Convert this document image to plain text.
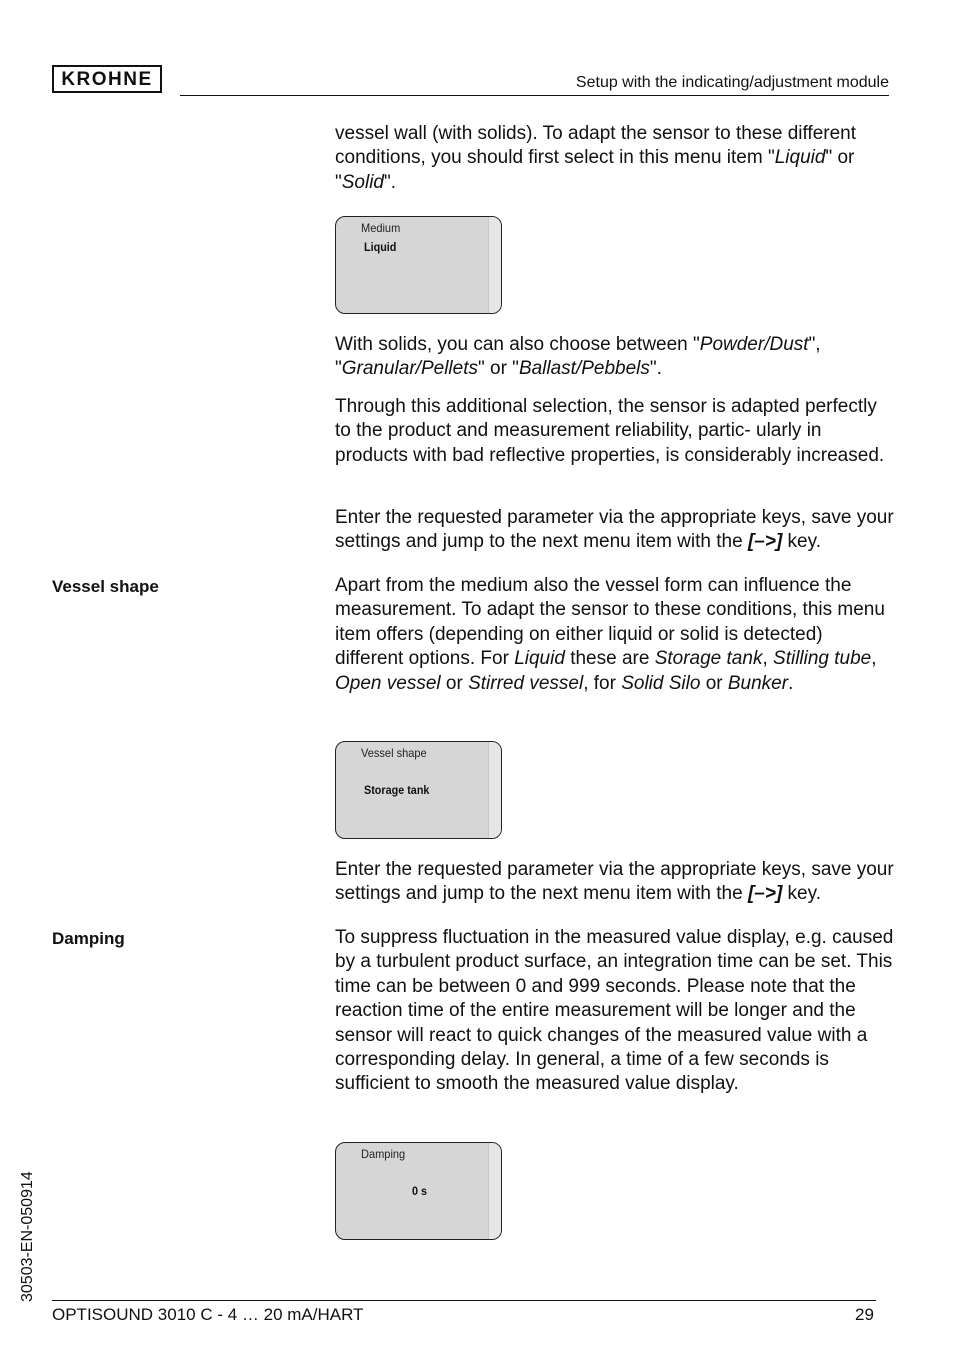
KROHNE	Setup with the indicating/adjustment module

vessel wall (with solids). To adapt the sensor to these different conditions, you should first select in this menu item "Liquid" or "Solid".

Medium
Liquid

With solids, you can also choose between "Powder/Dust", "Granular/Pellets" or "Ballast/Pebbels".

Through this additional selection, the sensor is adapted perfectly to the product and measurement reliability, partic- ularly in products with bad reflective properties, is considerably increased.

Enter the requested parameter via the appropriate keys, save your settings and jump to the next menu item with the [–>] key.

Vessel shape	Apart from the medium also the vessel form can influence the measurement. To adapt the sensor to these conditions, this menu item offers (depending on either liquid or solid is detected) different options. For Liquid these are Storage tank, Stilling tube, Open vessel or Stirred vessel, for Solid Silo or Bunker.

Vessel shape
Storage tank

Enter the requested parameter via the appropriate keys, save your settings and jump to the next menu item with the [–>] key.

Damping	To suppress fluctuation in the measured value display, e.g. caused by a turbulent product surface, an integration time can be set. This time can be between 0 and 999 seconds. Please note that the reaction time of the entire measurement will be longer and the sensor will react to quick changes of the measured value with a corresponding delay. In general, a time of a few seconds is sufficient to smooth the measured value display.

Damping
0 s
30503-EN-050914
OPTISOUND 3010 C - 4 … 20 mA/HART	29
